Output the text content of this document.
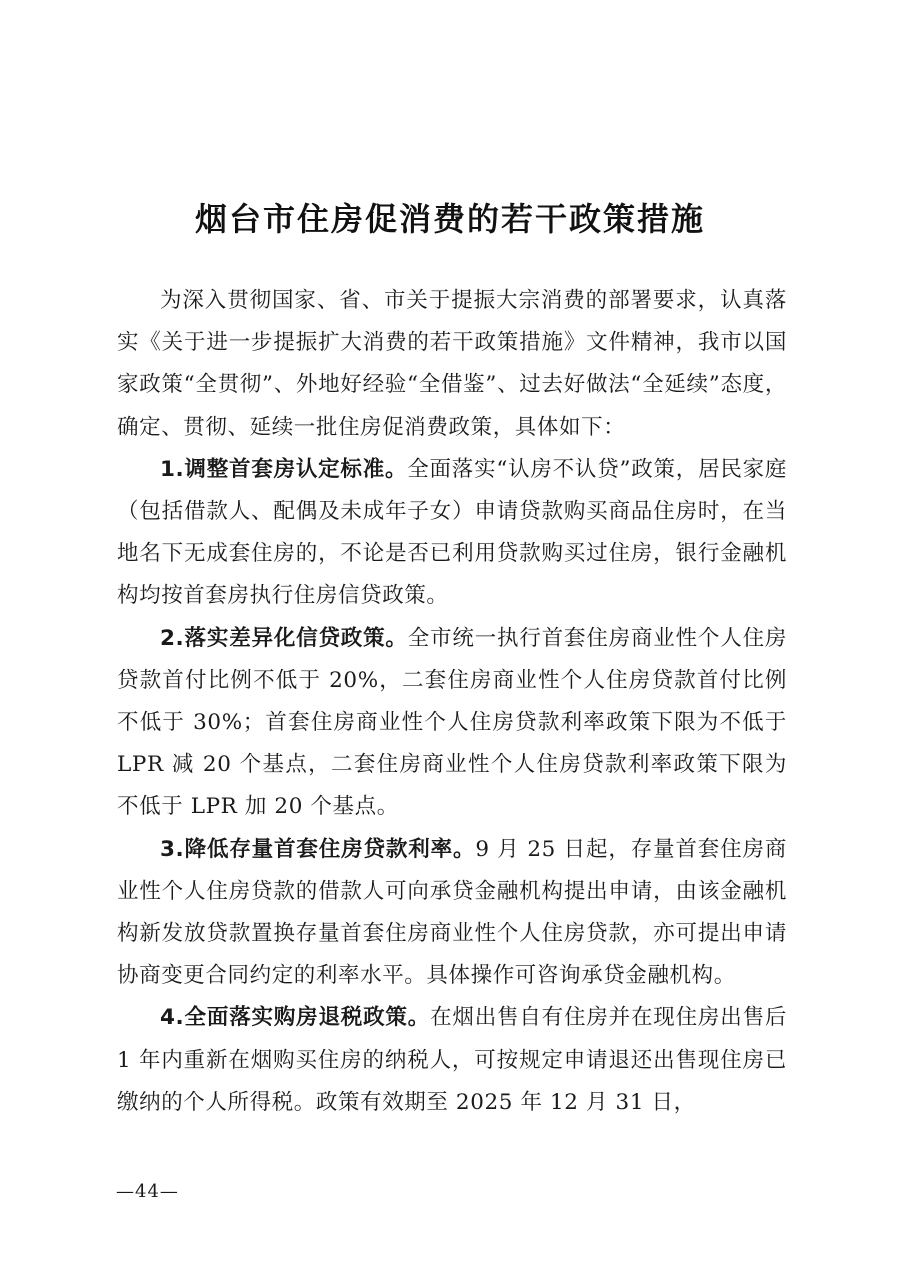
烟台市住房促消费的若干政策措施

为深入贯彻国家、省、市关于提振大宗消费的部署要求，认真落实《关于进一步提振扩大消费的若干政策措施》文件精神，我市以国家政策“全贯彻”、外地好经验“全借鉴”、过去好做法“全延续”态度，确定、贯彻、延续一批住房促消费政策，具体如下：

1.调整首套房认定标准。全面落实“认房不认贷”政策，居民家庭（包括借款人、配偶及未成年子女）申请贷款购买商品住房时，在当地名下无成套住房的，不论是否已利用贷款购买过住房，银行金融机构均按首套房执行住房信贷政策。

2.落实差异化信贷政策。全市统一执行首套住房商业性个人住房贷款首付比例不低于 20%，二套住房商业性个人住房贷款首付比例不低于 30%；首套住房商业性个人住房贷款利率政策下限为不低于 LPR 减 20 个基点，二套住房商业性个人住房贷款利率政策下限为不低于 LPR 加 20 个基点。

3.降低存量首套住房贷款利率。9 月 25 日起，存量首套住房商业性个人住房贷款的借款人可向承贷金融机构提出申请，由该金融机构新发放贷款置换存量首套住房商业性个人住房贷款，亦可提出申请协商变更合同约定的利率水平。具体操作可咨询承贷金融机构。

4.全面落实购房退税政策。在烟出售自有住房并在现住房出售后 1 年内重新在烟购买住房的纳税人，可按规定申请退还出售现住房已缴纳的个人所得税。政策有效期至 2025 年 12 月 31 日，

—44—
